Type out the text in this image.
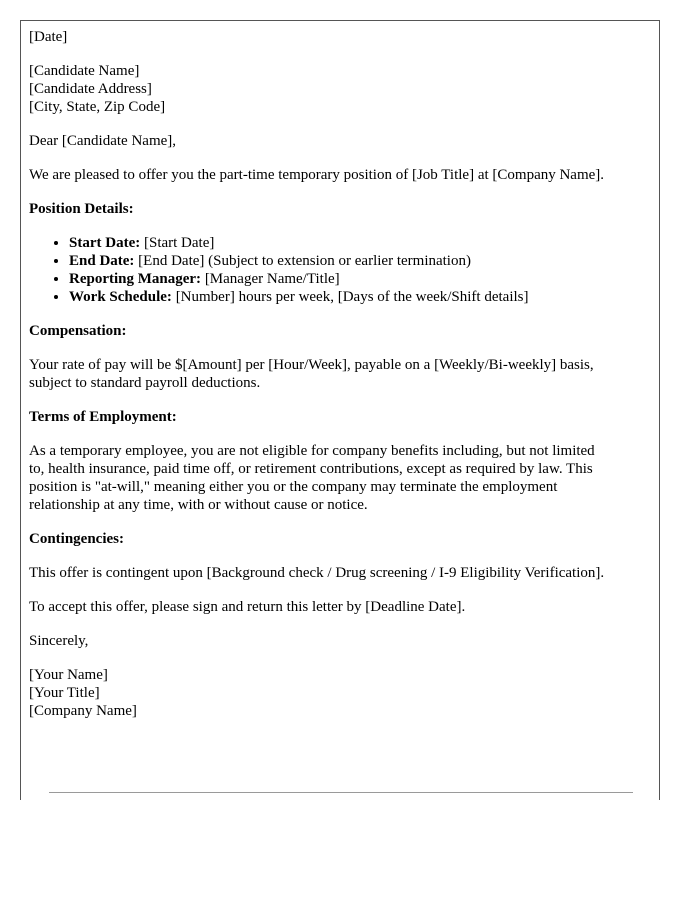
[Date]

[Candidate Name]
[Candidate Address]
[City, State, Zip Code]

Dear [Candidate Name],

We are pleased to offer you the part-time temporary position of [Job Title] at [Company Name].

Position Details:

• Start Date: [Start Date]
• End Date: [End Date] (Subject to extension or earlier termination)
• Reporting Manager: [Manager Name/Title]
• Work Schedule: [Number] hours per week, [Days of the week/Shift details]

Compensation:

Your rate of pay will be $[Amount] per [Hour/Week], payable on a [Weekly/Bi-weekly] basis, subject to standard payroll deductions.

Terms of Employment:

As a temporary employee, you are not eligible for company benefits including, but not limited to, health insurance, paid time off, or retirement contributions, except as required by law. This position is "at-will," meaning either you or the company may terminate the employment relationship at any time, with or without cause or notice.

Contingencies:

This offer is contingent upon [Background check / Drug screening / I-9 Eligibility Verification].

To accept this offer, please sign and return this letter by [Deadline Date].

Sincerely,

[Your Name]
[Your Title]
[Company Name]
